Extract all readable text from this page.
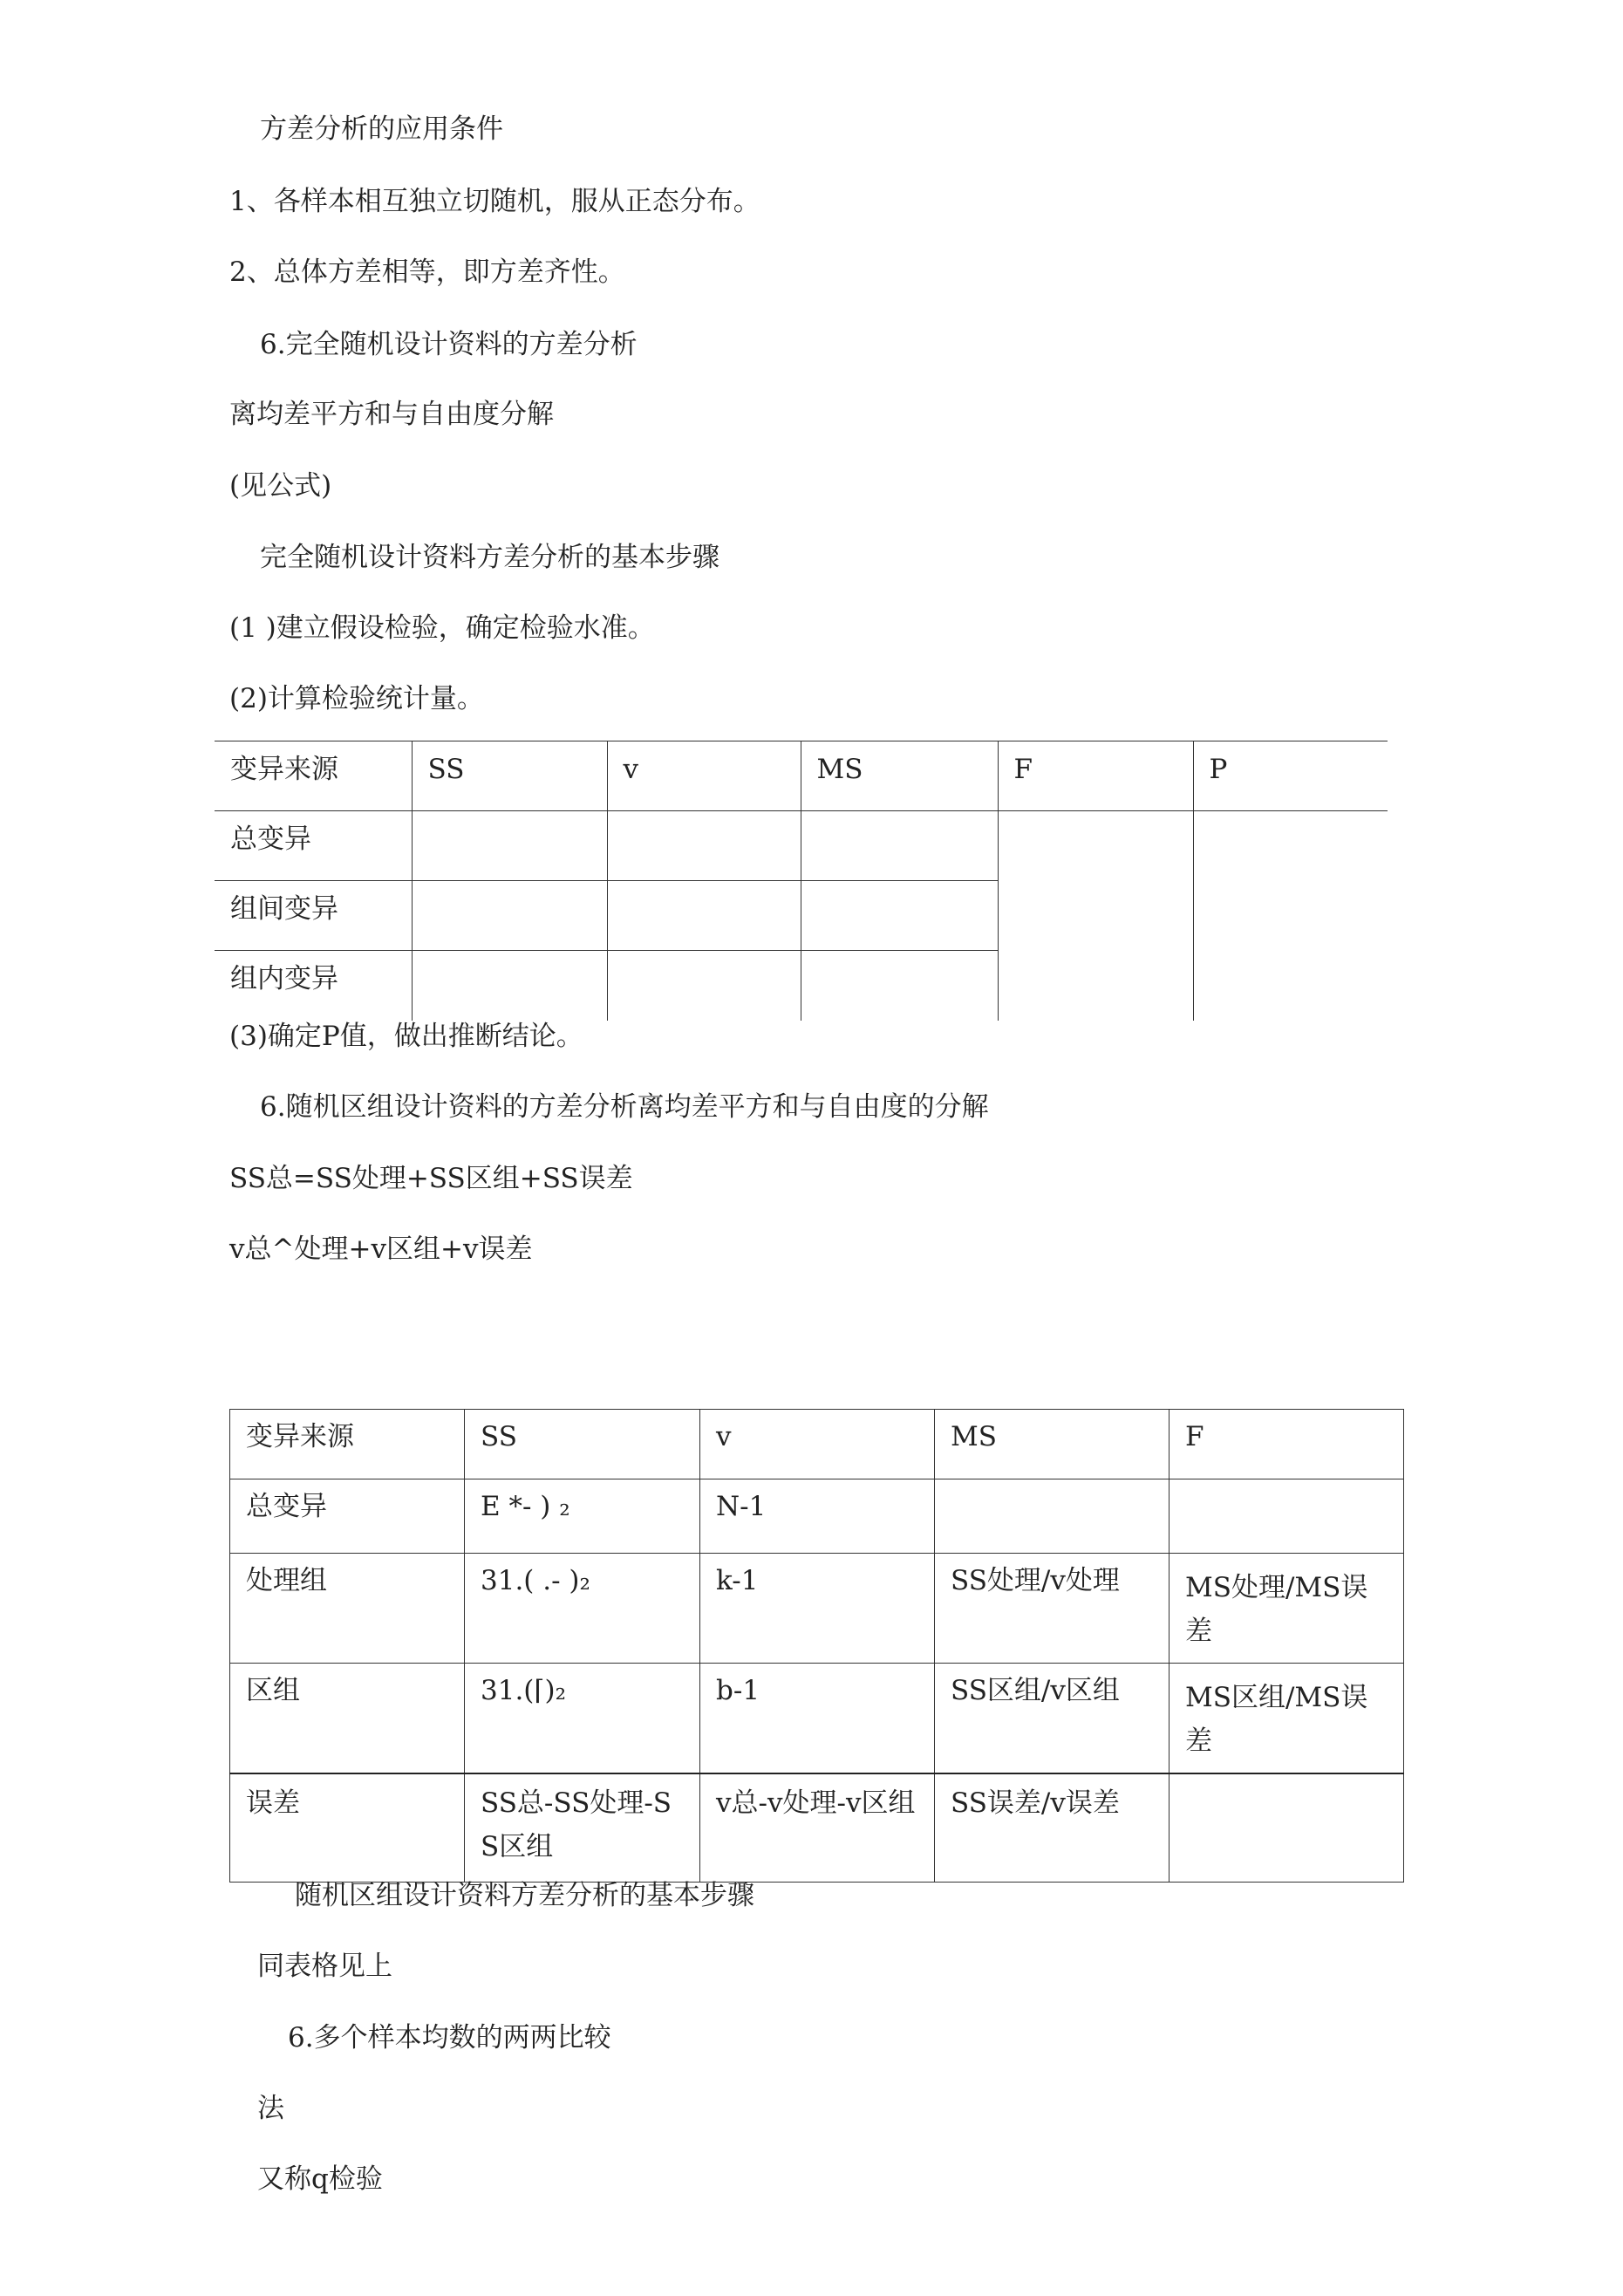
方差分析的应用条件
1、各样本相互独立切随机，服从正态分布。
2、总体方差相等，即方差齐性。
6.完全随机设计资料的方差分析
离均差平方和与自由度分解
(见公式)
完全随机设计资料方差分析的基本步骤
(1 )建立假设检验，确定检验水准。
(2)计算检验统计量。
变异来源	SS	v	MS	F	P
总变异					
组间变异					
组内变异					
(3)确定P值，做出推断结论。
6.随机区组设计资料的方差分析离均差平方和与自由度的分解
SS总=SS处理+SS区组+SS误差
v总^处理+v区组+v误差
变异来源	SS	v	MS	F
总变异	E *- ) ₂	N-1		
处理组	31.( .- )₂	k-1	SS处理/v处理	MS处理/MS误差
区组	31.(⌈)₂	b-1	SS区组/v区组	MS区组/MS误差
误差	SS总-SS处理-SS区组	v总-v处理-v区组	SS误差/v误差	
随机区组设计资料方差分析的基本步骤
同表格见上
6.多个样本均数的两两比较
法
又称q检验
